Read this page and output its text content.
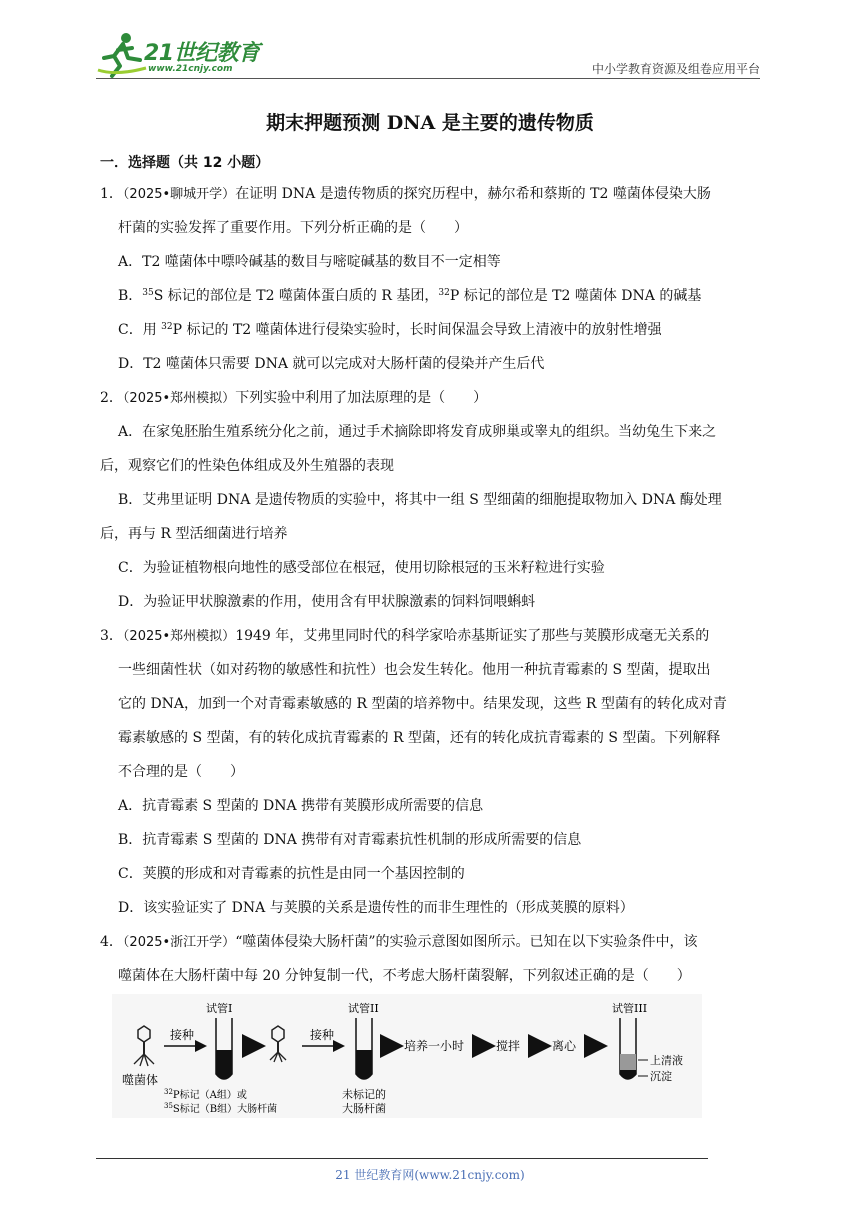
21世纪教育
www.21cnjy.com	中小学教育资源及组卷应用平台
期末押题预测 DNA 是主要的遗传物质
一．选择题（共 12 小题）
1．（2025•聊城开学）在证明 DNA 是遗传物质的探究历程中，赫尔希和蔡斯的 T2 噬菌体侵染大肠
杆菌的实验发挥了重要作用。下列分析正确的是（　　）
A．T2 噬菌体中嘌呤碱基的数目与嘧啶碱基的数目不一定相等
B．$^{35}$S 标记的部位是 T2 噬菌体蛋白质的 R 基团，$^{32}$P 标记的部位是 T2 噬菌体 DNA 的碱基
C．用 $^{32}$P 标记的 T2 噬菌体进行侵染实验时，长时间保温会导致上清液中的放射性增强
D．T2 噬菌体只需要 DNA 就可以完成对大肠杆菌的侵染并产生后代
2．（2025•郑州模拟）下列实验中利用了加法原理的是（　　）
A．在家兔胚胎生殖系统分化之前，通过手术摘除即将发育成卵巢或睾丸的组织。当幼兔生下来之
后，观察它们的性染色体组成及外生殖器的表现
B．艾弗里证明 DNA 是遗传物质的实验中，将其中一组 S 型细菌的细胞提取物加入 DNA 酶处理
后，再与 R 型活细菌进行培养
C．为验证植物根向地性的感受部位在根冠，使用切除根冠的玉米籽粒进行实验
D．为验证甲状腺激素的作用，使用含有甲状腺激素的饲料饲喂蝌蚪
3．（2025•郑州模拟）1949 年，艾弗里同时代的科学家哈赤基斯证实了那些与荚膜形成毫无关系的
一些细菌性状（如对药物的敏感性和抗性）也会发生转化。他用一种抗青霉素的 S 型菌，提取出
它的 DNA，加到一个对青霉素敏感的 R 型菌的培养物中。结果发现，这些 R 型菌有的转化成对青
霉素敏感的 S 型菌，有的转化成抗青霉素的 R 型菌，还有的转化成抗青霉素的 S 型菌。下列解释
不合理的是（　　）
A．抗青霉素 S 型菌的 DNA 携带有荚膜形成所需要的信息
B．抗青霉素 S 型菌的 DNA 携带有对青霉素抗性机制的形成所需要的信息
C．荚膜的形成和对青霉素的抗性是由同一个基因控制的
D．该实验证实了 DNA 与荚膜的关系是遗传性的而非生理性的（形成荚膜的原料）
4．（2025•浙江开学）“噬菌体侵染大肠杆菌”的实验示意图如图所示。已知在以下实验条件中，该
噬菌体在大肠杆菌中每 20 分钟复制一代，不考虑大肠杆菌裂解，下列叙述正确的是（　　）
噬菌体
接种
试管I
$^{32}$P标记（A组）或
$^{35}$S标记（B组）大肠杆菌
接种
试管II
未标记的
大肠杆菌
培养一小时	搅拌	离心
试管III
上清液
沉淀
21 世纪教育网(www.21cnjy.com)
